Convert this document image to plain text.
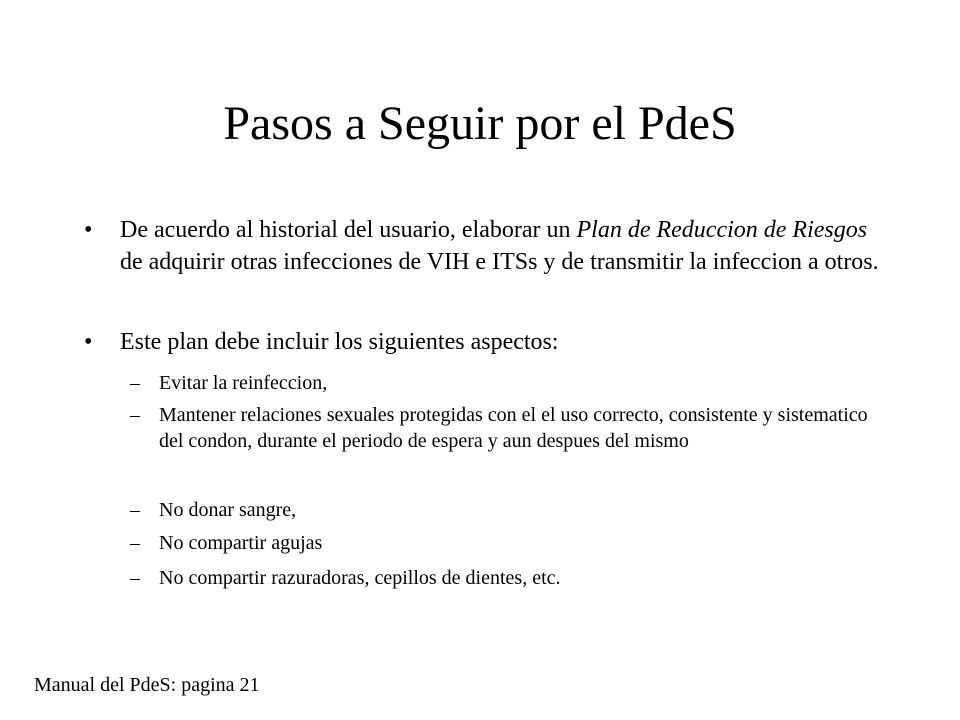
Pasos a Seguir por el PdeS
• De acuerdo al historial del usuario, elaborar un Plan de Reduccion de Riesgos de adquirir otras infecciones de VIH e ITSs y de transmitir la infeccion a otros.
• Este plan debe incluir los siguientes aspectos:
– Evitar la reinfeccion,
– Mantener relaciones sexuales protegidas con el el uso correcto, consistente y sistematico del condon, durante el periodo de espera y aun despues del mismo
– No donar sangre,
– No compartir agujas
– No compartir razuradoras, cepillos de dientes, etc.
Manual del PdeS: pagina 21
